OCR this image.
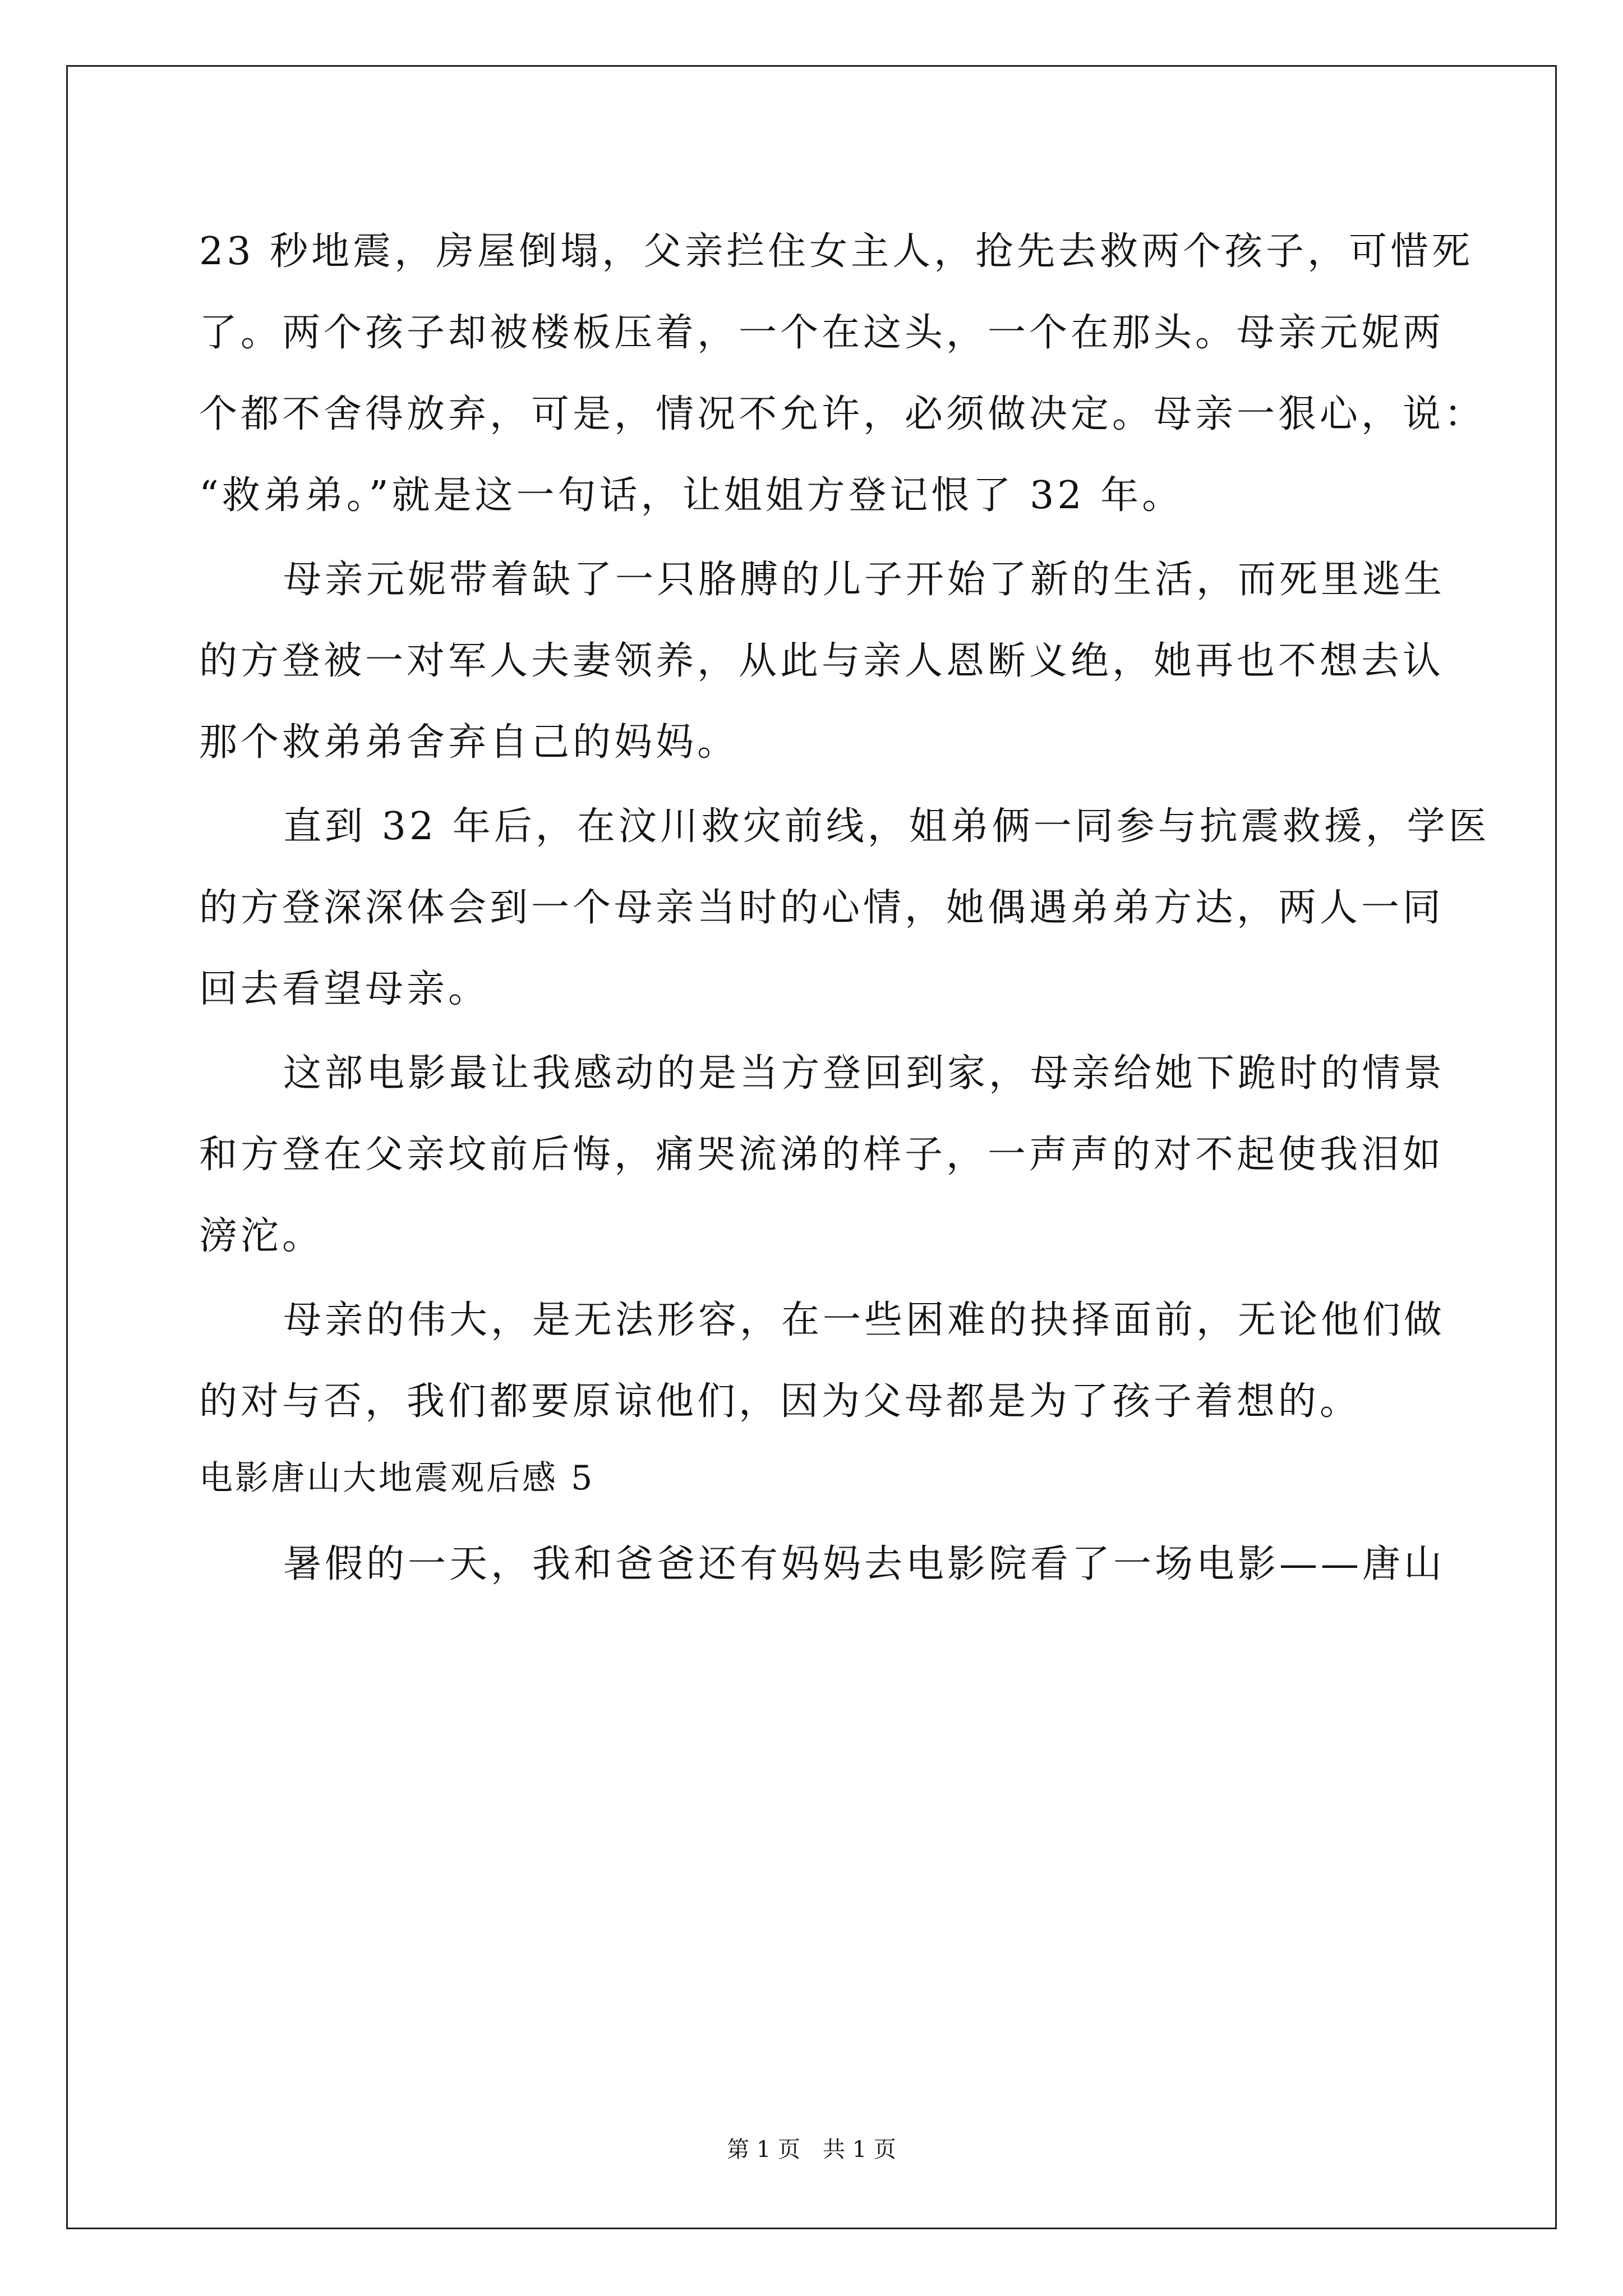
23 秒地震，房屋倒塌，父亲拦住女主人，抢先去救两个孩子，可惜死
了。两个孩子却被楼板压着，一个在这头，一个在那头。母亲元妮两
个都不舍得放弃，可是，情况不允许，必须做决定。母亲一狠心，说：
“救弟弟。”就是这一句话，让姐姐方登记恨了 32 年。
母亲元妮带着缺了一只胳膊的儿子开始了新的生活，而死里逃生
的方登被一对军人夫妻领养，从此与亲人恩断义绝，她再也不想去认
那个救弟弟舍弃自己的妈妈。
直到 32 年后，在汶川救灾前线，姐弟俩一同参与抗震救援，学医
的方登深深体会到一个母亲当时的心情，她偶遇弟弟方达，两人一同
回去看望母亲。
这部电影最让我感动的是当方登回到家，母亲给她下跪时的情景
和方登在父亲坟前后悔，痛哭流涕的样子，一声声的对不起使我泪如
滂沱。
母亲的伟大，是无法形容，在一些困难的抉择面前，无论他们做
的对与否，我们都要原谅他们，因为父母都是为了孩子着想的。
电影唐山大地震观后感 5
暑假的一天，我和爸爸还有妈妈去电影院看了一场电影——唐山
第 1 页　共 1 页
